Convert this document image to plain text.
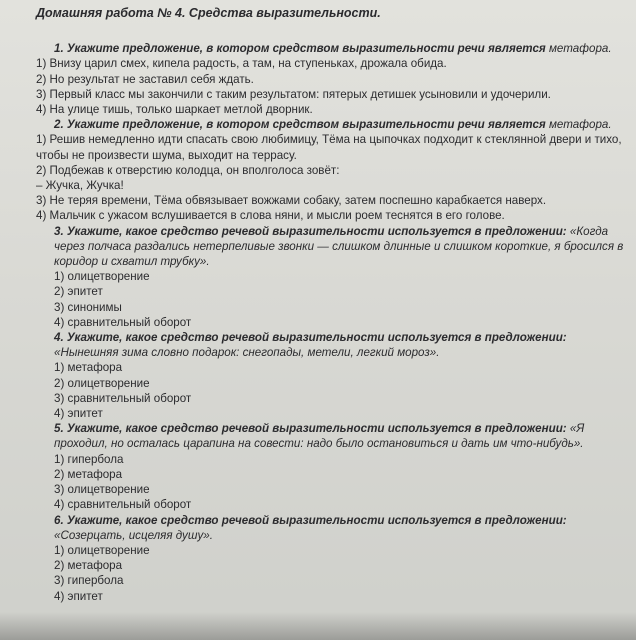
Домашняя работа № 4. Средства выразительности.
1. Укажите предложение, в котором средством выразительности речи является метафора.
1) Внизу царил смех, кипела радость, а там, на ступеньках, дрожала обида.
2) Но результат не заставил себя ждать.
3) Первый класс мы закончили с таким результатом: пятерых детишек усыновили и удочерили.
4) На улице тишь, только шаркает метлой дворник.
2. Укажите предложение, в котором средством выразительности речи является метафора.
1) Решив немедленно идти спасать свою любимицу, Тёма на цыпочках подходит к стеклянной двери и тихо, чтобы не произвести шума, выходит на террасу.
2) Подбежав к отверстию колодца, он вполголоса зовёт:
– Жучка, Жучка!
3) Не теряя времени, Тёма обвязывает вожжами собаку, затем поспешно карабкается наверх.
4) Мальчик с ужасом вслушивается в слова няни, и мысли роем теснятся в его голове.
3. Укажите, какое средство речевой выразительности используется в предложении: «Когда через полчаса раздались нетерпеливые звонки — слишком длинные и слишком короткие, я бросился в коридор и схватил трубку».
1) олицетворение
2) эпитет
3) синонимы
4) сравнительный оборот
4. Укажите, какое средство речевой выразительности используется в предложении:
«Нынешняя зима словно подарок: снегопады, метели, легкий мороз».
1) метафора
2) олицетворение
3) сравнительный оборот
4) эпитет
5. Укажите, какое средство речевой выразительности используется в предложении: «Я проходил, но осталась царапина на совести: надо было остановиться и дать им что-нибудь».
1) гипербола
2) метафора
3) олицетворение
4) сравнительный оборот
6. Укажите, какое средство речевой выразительности используется в предложении:
«Созерцать, исцеляя душу».
1) олицетворение
2) метафора
3) гипербола
4) эпитет
